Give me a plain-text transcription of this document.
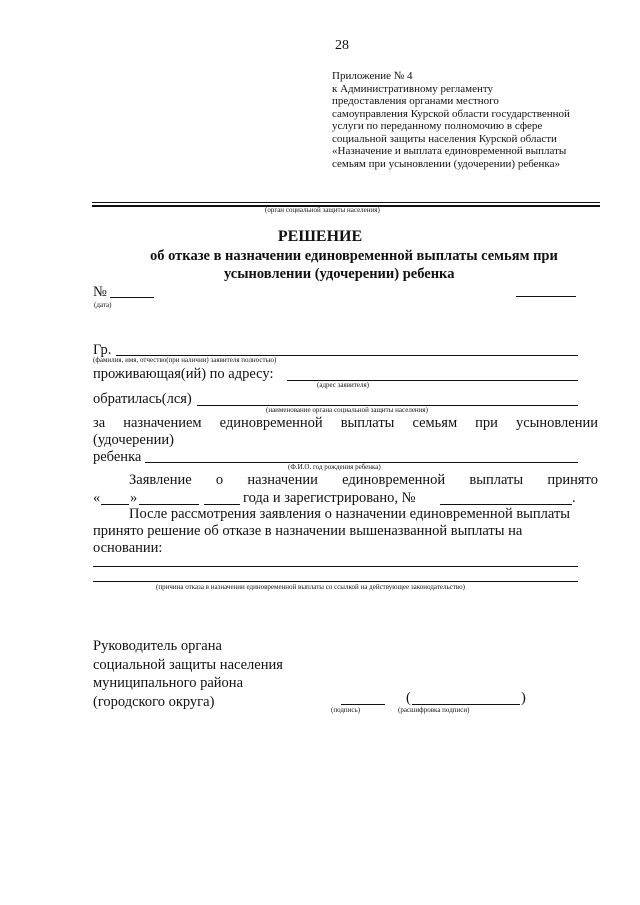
28
Приложение № 4
к Административному регламенту
предоставления органами местного
самоуправления Курской области государственной
услуги по переданному полномочию в сфере
социальной защиты населения Курской области
«Назначение и выплата единовременной выплаты
семьям при усыновлении (удочерении) ребенка»
(орган социальной защиты населения)
РЕШЕНИЕ
об отказе в назначении единовременной выплаты семьям при
усыновлении (удочерении) ребенка
№
(дата)
Гр.
(фамилия, имя, отчество(при наличии) заявителя полностью)
проживающая(ий) по адресу:
(адрес заявителя)
обратилась(лся)
(наименование органа социальной защиты населения)
за назначением единовременной выплаты семьям при усыновлении
(удочерении)
ребенка
(Ф.И.О. год рождения ребенка)
Заявление о назначении единовременной выплаты принято
« »	года и зарегистрировано, №	.
После рассмотрения заявления о назначении единовременной выплаты
принято решение об отказе в назначении вышеназванной выплаты на
основании:
(причина отказа в назначении единовременной выплаты со ссылкой на действующее законодательство)
Руководитель органа
социальной защиты населения
муниципального района
(городского округа)	(	)
(подпись)	(расшифровка подписи)
